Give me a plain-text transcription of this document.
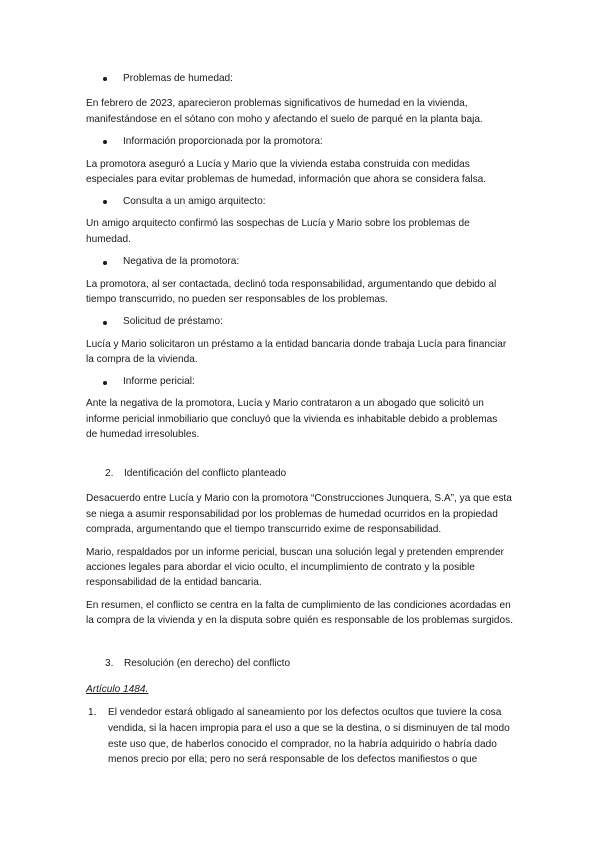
Problemas de humedad:
En febrero de 2023, aparecieron problemas significativos de humedad en la vivienda,
manifestándose en el sótano con moho y afectando el suelo de parqué en la planta baja.
Información proporcionada por la promotora:
La promotora aseguró a Lucía y Mario que la vivienda estaba construida con medidas
especiales para evitar problemas de humedad, información que ahora se considera falsa.
Consulta a un amigo arquitecto:
Un amigo arquitecto confirmó las sospechas de Lucía y Mario sobre los problemas de
humedad.
Negativa de la promotora:
La promotora, al ser contactada, declinó toda responsabilidad, argumentando que debido al
tiempo transcurrido, no pueden ser responsables de los problemas.
Solicitud de préstamo:
Lucía y Mario solicitaron un préstamo a la entidad bancaria donde trabaja Lucía para financiar
la compra de la vivienda.
Informe pericial:
Ante la negativa de la promotora, Lucía y Mario contrataron a un abogado que solicitó un
informe pericial inmobiliario que concluyó que la vivienda es inhabitable debido a problemas
de humedad irresolubles.
2. Identificación del conflicto planteado
Desacuerdo entre Lucía y Mario con la promotora “Construcciones Junquera, S.A”, ya que esta
se niega a asumir responsabilidad por los problemas de humedad ocurridos en la propiedad
comprada, argumentando que el tiempo transcurrido exime de responsabilidad.
Mario, respaldados por un informe pericial, buscan una solución legal y pretenden emprender
acciones legales para abordar el vicio oculto, el incumplimiento de contrato y la posible
responsabilidad de la entidad bancaria.
En resumen, el conflicto se centra en la falta de cumplimiento de las condiciones acordadas en
la compra de la vivienda y en la disputa sobre quién es responsable de los problemas surgidos.
3. Resolución (en derecho) del conflicto
Artículo 1484.
1. El vendedor estará obligado al saneamiento por los defectos ocultos que tuviere la cosa
vendida, si la hacen impropia para el uso a que se la destina, o si disminuyen de tal modo
este uso que, de haberlos conocido el comprador, no la habría adquirido o habría dado
menos precio por ella; pero no será responsable de los defectos manifiestos o que
